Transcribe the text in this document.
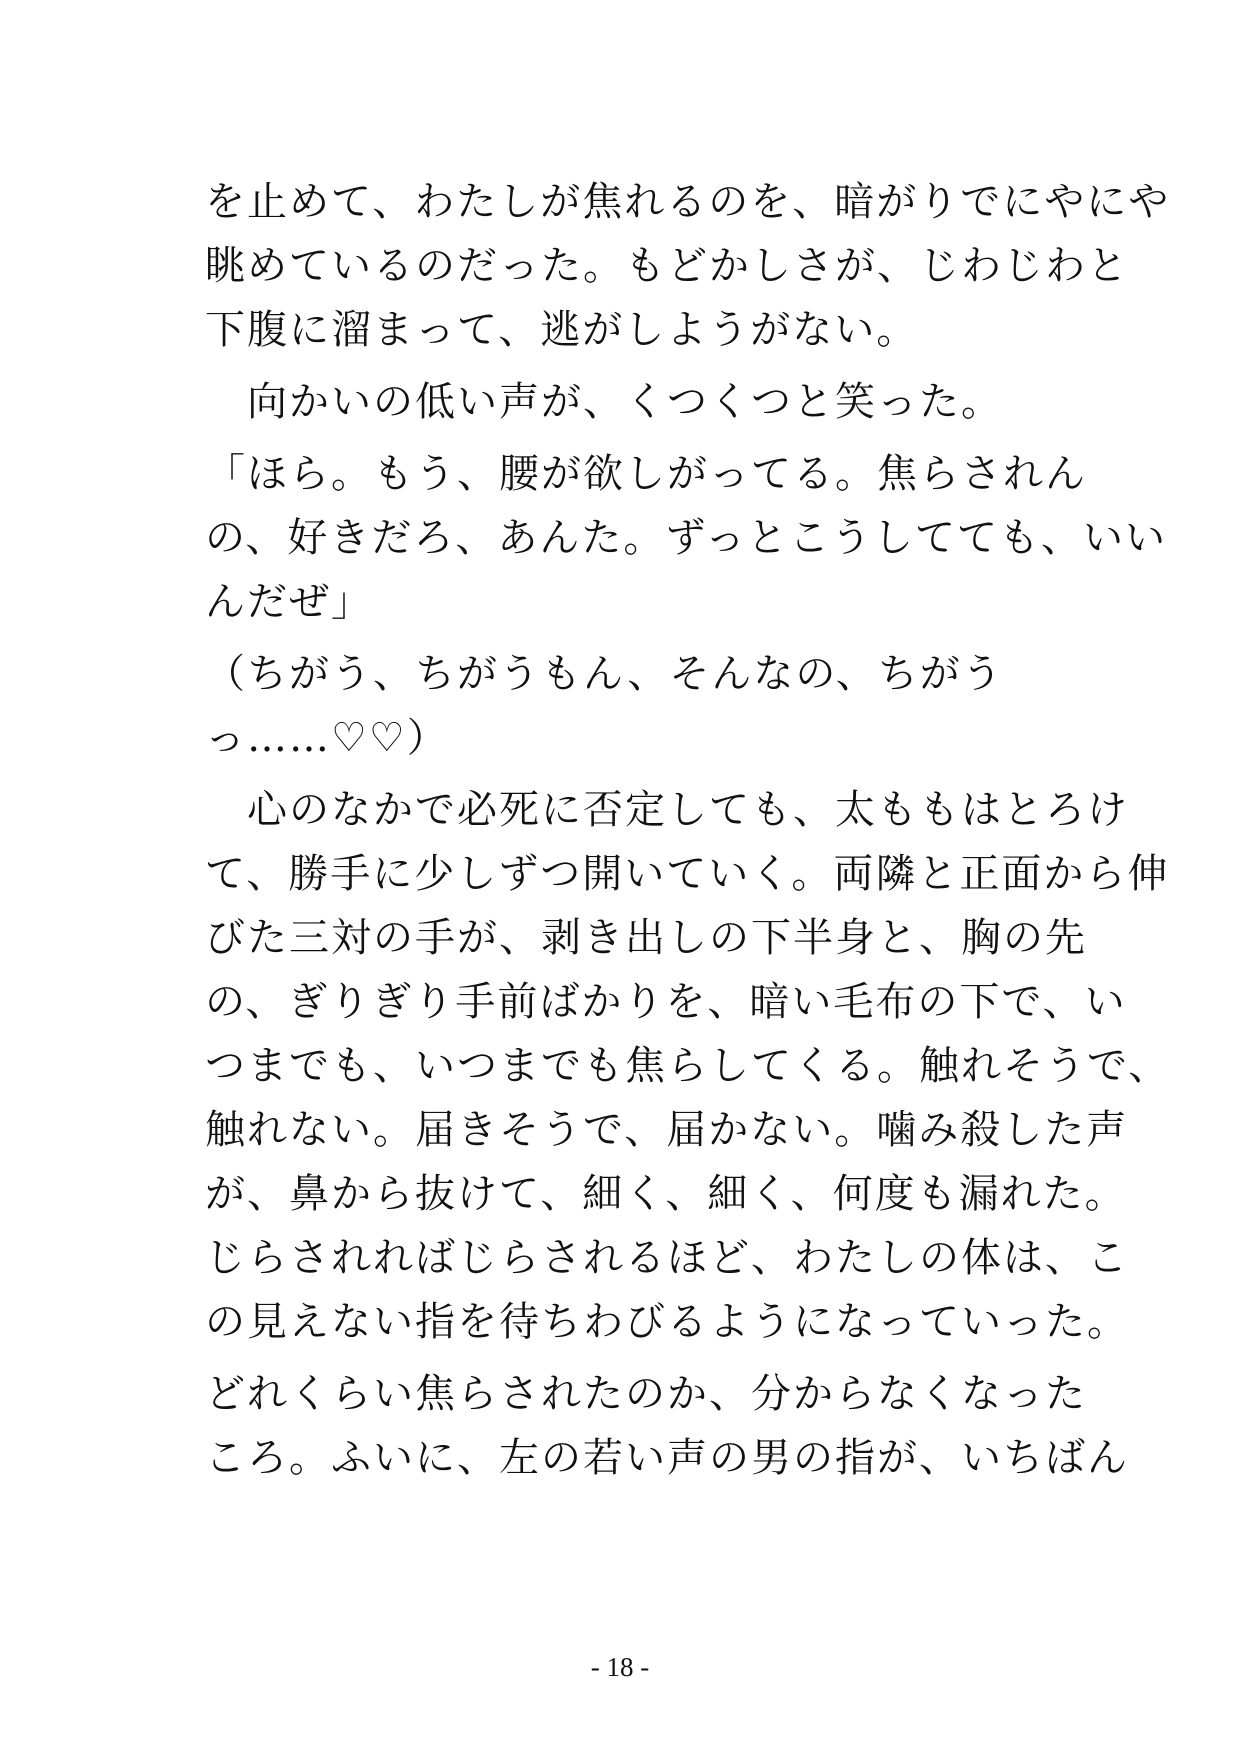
を止めて、わたしが焦れるのを、暗がりでにやにや
眺めているのだった。もどかしさが、じわじわと
下腹に溜まって、逃がしようがない。
　向かいの低い声が、くつくつと笑った。
「ほら。もう、腰が欲しがってる。焦らされん
の、好きだろ、あんた。ずっとこうしてても、いい
んだぜ」
（ちがう、ちがうもん、そんなの、ちがう
っ……♡♡）
　心のなかで必死に否定しても、太ももはとろけ
て、勝手に少しずつ開いていく。両隣と正面から伸
びた三対の手が、剥き出しの下半身と、胸の先
の、ぎりぎり手前ばかりを、暗い毛布の下で、い
つまでも、いつまでも焦らしてくる。触れそうで、
触れない。届きそうで、届かない。噛み殺した声
が、鼻から抜けて、細く、細く、何度も漏れた。
じらされればじらされるほど、わたしの体は、こ
の見えない指を待ちわびるようになっていった。
どれくらい焦らされたのか、分からなくなった
ころ。ふいに、左の若い声の男の指が、いちばん
- 18 -
